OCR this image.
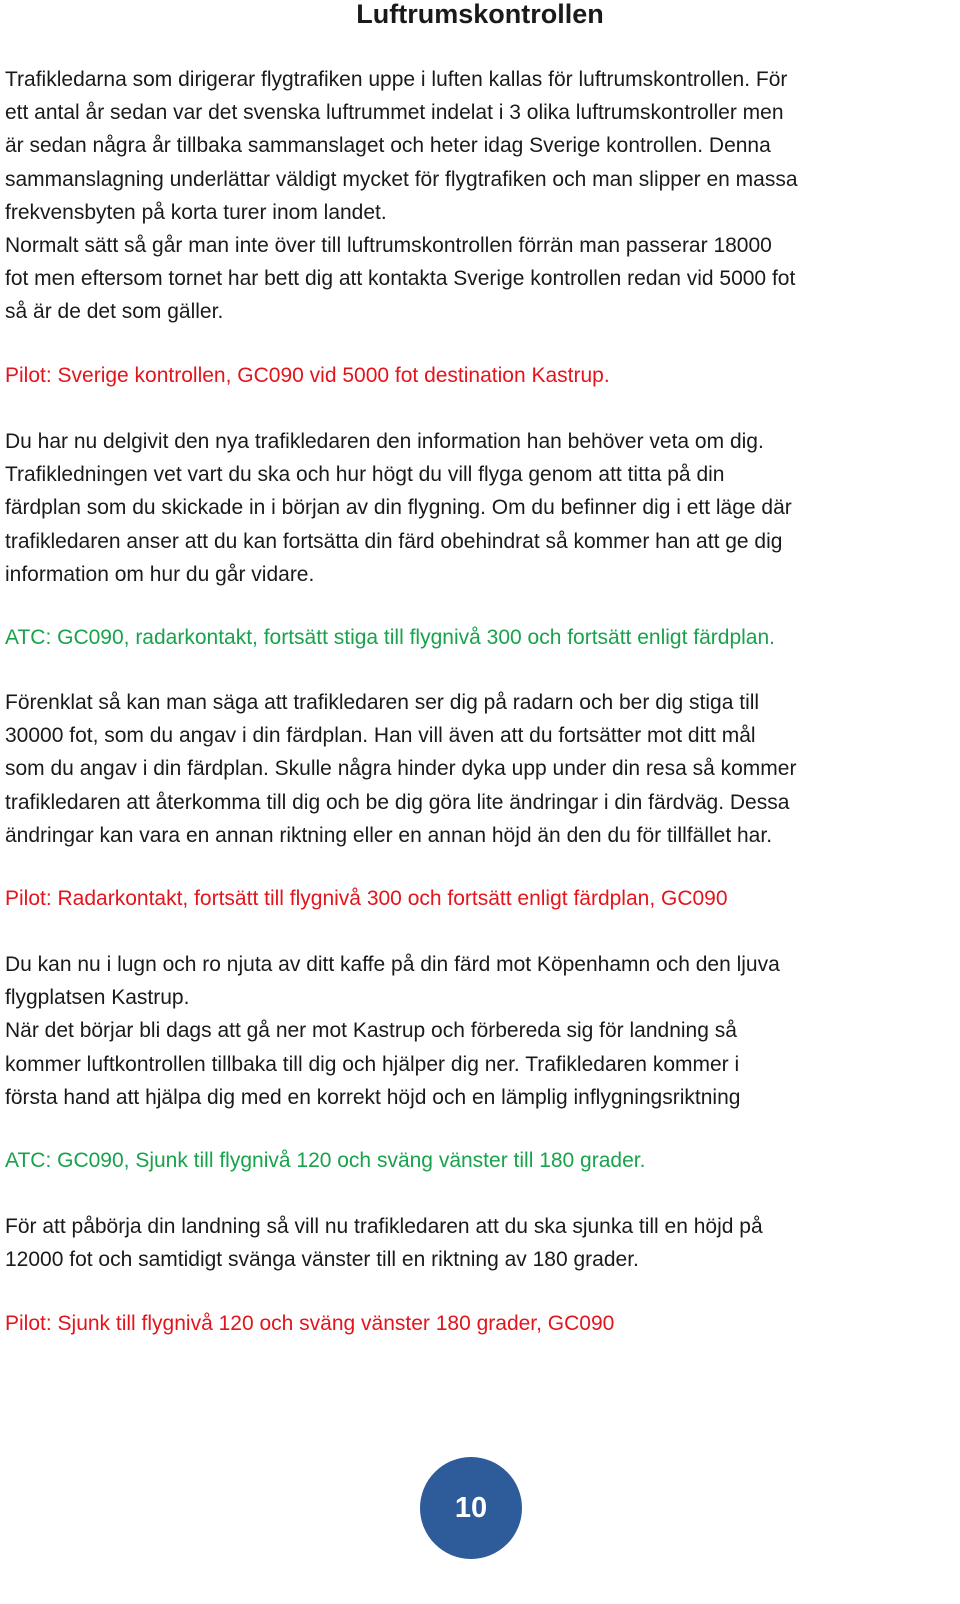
Luftrumskontrollen

Trafikledarna som dirigerar flygtrafiken uppe i luften kallas för luftrumskontrollen. För
ett antal år sedan var det svenska luftrummet indelat i 3 olika luftrumskontroller men
är sedan några år tillbaka sammanslaget och heter idag Sverige kontrollen. Denna
sammanslagning underlättar väldigt mycket för flygtrafiken och man slipper en massa
frekvensbyten på korta turer inom landet.
Normalt sätt så går man inte över till luftrumskontrollen förrän man passerar 18000
fot men eftersom tornet har bett dig att kontakta Sverige kontrollen redan vid 5000 fot
så är de det som gäller.

Pilot: Sverige kontrollen, GC090 vid 5000 fot destination Kastrup.

Du har nu delgivit den nya trafikledaren den information han behöver veta om dig.
Trafikledningen vet vart du ska och hur högt du vill flyga genom att titta på din
färdplan som du skickade in i början av din flygning. Om du befinner dig i ett läge där
trafikledaren anser att du kan fortsätta din färd obehindrat så kommer han att ge dig
information om hur du går vidare.

ATC: GC090, radarkontakt, fortsätt stiga till flygnivå 300 och fortsätt enligt färdplan.

Förenklat så kan man säga att trafikledaren ser dig på radarn och ber dig stiga till
30000 fot, som du angav i din färdplan. Han vill även att du fortsätter mot ditt mål
som du angav i din färdplan. Skulle några hinder dyka upp under din resa så kommer
trafikledaren att återkomma till dig och be dig göra lite ändringar i din färdväg. Dessa
ändringar kan vara en annan riktning eller en annan höjd än den du för tillfället har.

Pilot: Radarkontakt, fortsätt till flygnivå 300 och fortsätt enligt färdplan, GC090

Du kan nu i lugn och ro njuta av ditt kaffe på din färd mot Köpenhamn och den ljuva
flygplatsen Kastrup.
När det börjar bli dags att gå ner mot Kastrup och förbereda sig för landning så
kommer luftkontrollen tillbaka till dig och hjälper dig ner. Trafikledaren kommer i
första hand att hjälpa dig med en korrekt höjd och en lämplig inflygningsriktning

ATC: GC090, Sjunk till flygnivå 120 och sväng vänster till 180 grader.

För att påbörja din landning så vill nu trafikledaren att du ska sjunka till en höjd på
12000 fot och samtidigt svänga vänster till en riktning av 180 grader.

Pilot: Sjunk till flygnivå 120 och sväng vänster 180 grader, GC090

10
